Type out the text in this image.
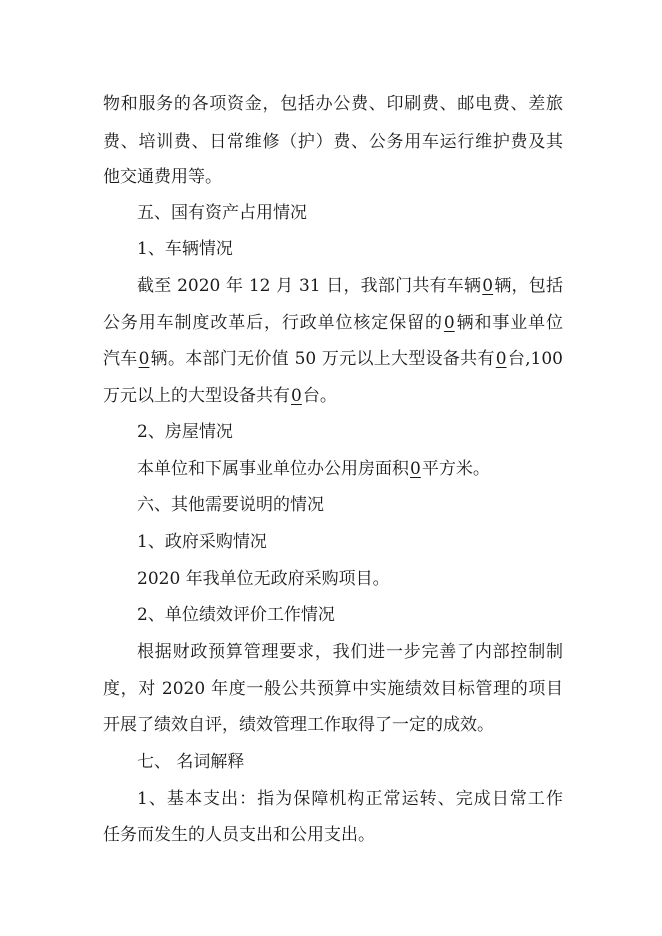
物和服务的各项资金，包括办公费、印刷费、邮电费、差旅
费、培训费、日常维修（护）费、公务用车运行维护费及其
他交通费用等。
五、国有资产占用情况
1、车辆情况
截至 2020 年 12 月 31 日，我部门共有车辆0辆，包括
公务用车制度改革后，行政单位核定保留的0辆和事业单位
汽车0辆。本部门无价值 50 万元以上大型设备共有0台,100
万元以上的大型设备共有0台。
2、房屋情况
本单位和下属事业单位办公用房面积0平方米。
六、其他需要说明的情况
1、政府采购情况
2020 年我单位无政府采购项目。
2、单位绩效评价工作情况
根据财政预算管理要求，我们进一步完善了内部控制制
度，对 2020 年度一般公共预算中实施绩效目标管理的项目
开展了绩效自评，绩效管理工作取得了一定的成效。
七、 名词解释
1、基本支出：指为保障机构正常运转、完成日常工作
任务而发生的人员支出和公用支出。
